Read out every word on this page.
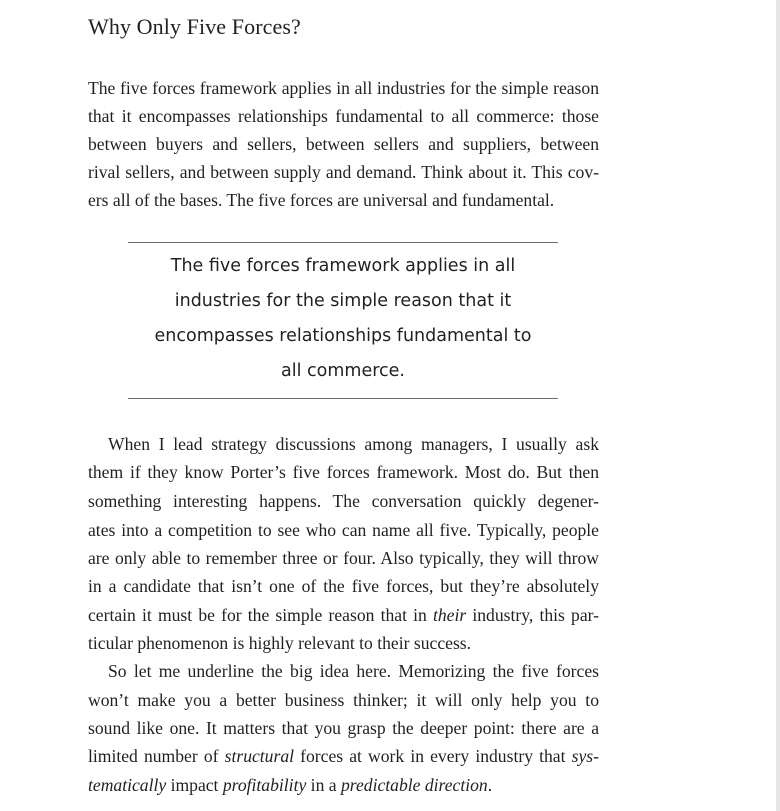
Why Only Five Forces?
The five forces framework applies in all industries for the simple reason
that it encompasses relationships fundamental to all commerce: those
between buyers and sellers, between sellers and suppliers, between
rival sellers, and between supply and demand. Think about it. This cov-
ers all of the bases. The five forces are universal and fundamental.
The five forces framework applies in all
industries for the simple reason that it
encompasses relationships fundamental to
all commerce.
When I lead strategy discussions among managers, I usually ask
them if they know Porter’s five forces framework. Most do. But then
something interesting happens. The conversation quickly degener-
ates into a competition to see who can name all five. Typically, people
are only able to remember three or four. Also typically, they will throw
in a candidate that isn’t one of the five forces, but they’re absolutely
certain it must be for the simple reason that in their industry, this par-
ticular phenomenon is highly relevant to their success.
So let me underline the big idea here. Memorizing the five forces
won’t make you a better business thinker; it will only help you to
sound like one. It matters that you grasp the deeper point: there are a
limited number of structural forces at work in every industry that sys-
tematically impact profitability in a predictable direction.
